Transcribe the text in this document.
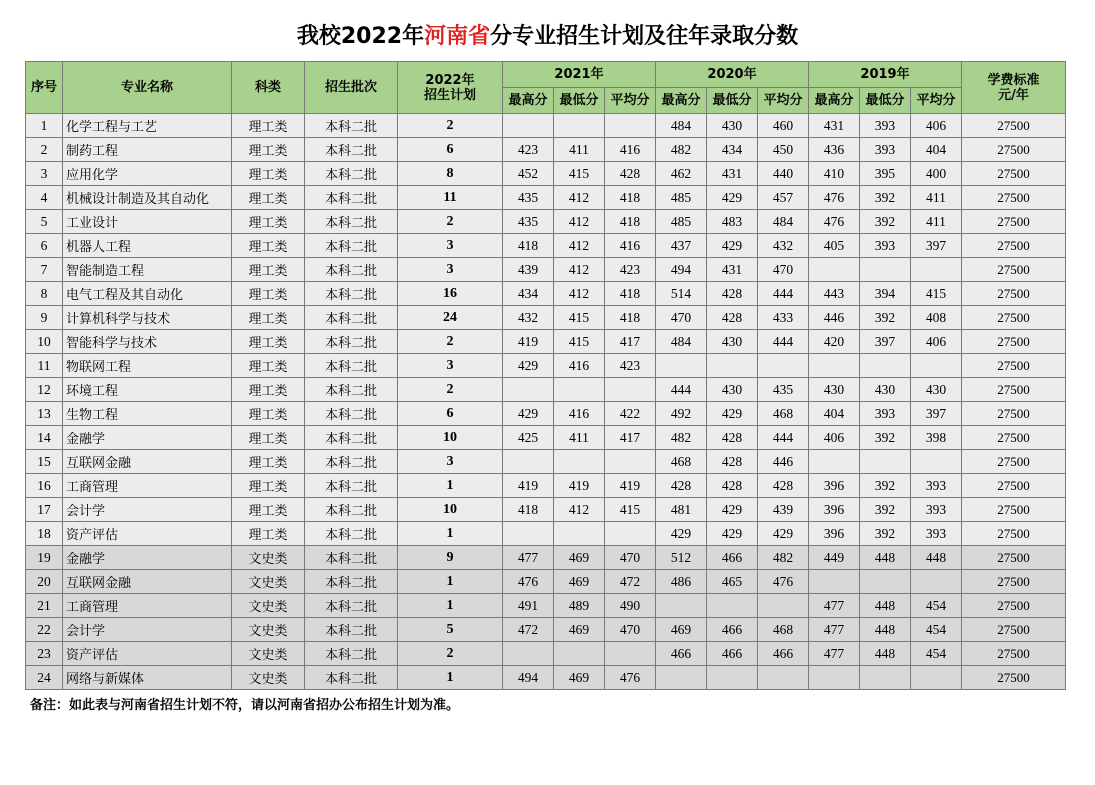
我校2022年河南省分专业招生计划及往年录取分数
序号	专业名称	科类	招生批次	2022年
招生计划	2021年			2020年			2019年			学费标准
元/年
					最高分	最低分	平均分	最高分	最低分	平均分	最高分	最低分	平均分	
1	化学工程与工艺	理工类	本科二批	2				484	430	460	431	393	406	27500
2	制药工程	理工类	本科二批	6	423	411	416	482	434	450	436	393	404	27500
3	应用化学	理工类	本科二批	8	452	415	428	462	431	440	410	395	400	27500
4	机械设计制造及其自动化	理工类	本科二批	11	435	412	418	485	429	457	476	392	411	27500
5	工业设计	理工类	本科二批	2	435	412	418	485	483	484	476	392	411	27500
6	机器人工程	理工类	本科二批	3	418	412	416	437	429	432	405	393	397	27500
7	智能制造工程	理工类	本科二批	3	439	412	423	494	431	470				27500
8	电气工程及其自动化	理工类	本科二批	16	434	412	418	514	428	444	443	394	415	27500
9	计算机科学与技术	理工类	本科二批	24	432	415	418	470	428	433	446	392	408	27500
10	智能科学与技术	理工类	本科二批	2	419	415	417	484	430	444	420	397	406	27500
11	物联网工程	理工类	本科二批	3	429	416	423							27500
12	环境工程	理工类	本科二批	2				444	430	435	430	430	430	27500
13	生物工程	理工类	本科二批	6	429	416	422	492	429	468	404	393	397	27500
14	金融学	理工类	本科二批	10	425	411	417	482	428	444	406	392	398	27500
15	互联网金融	理工类	本科二批	3				468	428	446				27500
16	工商管理	理工类	本科二批	1	419	419	419	428	428	428	396	392	393	27500
17	会计学	理工类	本科二批	10	418	412	415	481	429	439	396	392	393	27500
18	资产评估	理工类	本科二批	1				429	429	429	396	392	393	27500
19	金融学	文史类	本科二批	9	477	469	470	512	466	482	449	448	448	27500
20	互联网金融	文史类	本科二批	1	476	469	472	486	465	476				27500
21	工商管理	文史类	本科二批	1	491	489	490				477	448	454	27500
22	会计学	文史类	本科二批	5	472	469	470	469	466	468	477	448	454	27500
23	资产评估	文史类	本科二批	2				466	466	466	477	448	454	27500
24	网络与新媒体	文史类	本科二批	1	494	469	476							27500
备注：如此表与河南省招生计划不符，请以河南省招办公布招生计划为准。
